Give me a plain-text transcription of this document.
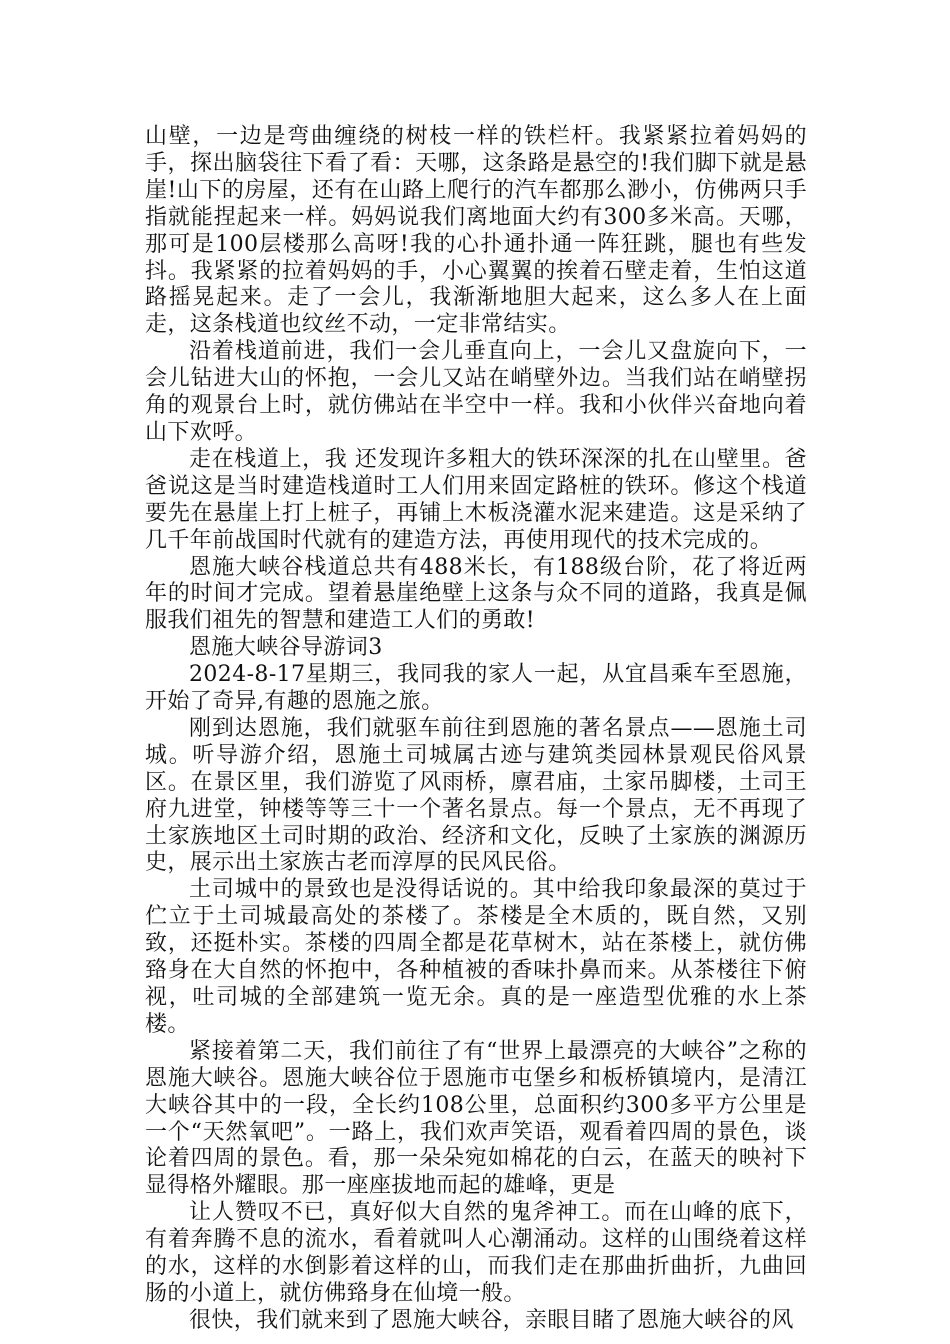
山壁，一边是弯曲缠绕的树枝一样的铁栏杆。我紧紧拉着妈妈的手，探出脑袋往下看了看：天哪，这条路是悬空的!我们脚下就是悬崖!山下的房屋，还有在山路上爬行的汽车都那么渺小，仿佛两只手指就能捏起来一样。妈妈说我们离地面大约有300多米高。天哪，那可是100层楼那么高呀!我的心扑通扑通一阵狂跳，腿也有些发抖。我紧紧的拉着妈妈的手，小心翼翼的挨着石壁走着，生怕这道路摇晃起来。走了一会儿，我渐渐地胆大起来，这么多人在上面走，这条栈道也纹丝不动，一定非常结实。

沿着栈道前进，我们一会儿垂直向上，一会儿又盘旋向下，一会儿钻进大山的怀抱，一会儿又站在峭壁外边。当我们站在峭壁拐角的观景台上时，就仿佛站在半空中一样。我和小伙伴兴奋地向着山下欢呼。

走在栈道上，我 还发现许多粗大的铁环深深的扎在山壁里。爸爸说这是当时建造栈道时工人们用来固定路桩的铁环。修这个栈道要先在悬崖上打上桩子，再铺上木板浇灌水泥来建造。这是采纳了几千年前战国时代就有的建造方法，再使用现代的技术完成的。

恩施大峡谷栈道总共有488米长，有188级台阶，花了将近两年的时间才完成。望着悬崖绝壁上这条与众不同的道路，我真是佩服我们祖先的智慧和建造工人们的勇敢!

恩施大峡谷导游词3

2024-8-17星期三，我同我的家人一起，从宜昌乘车至恩施，开始了奇异,有趣的恩施之旅。

刚到达恩施，我们就驱车前往到恩施的著名景点——恩施土司城。听导游介绍，恩施土司城属古迹与建筑类园林景观民俗风景区。在景区里，我们游览了风雨桥，廪君庙，土家吊脚楼，土司王府九进堂，钟楼等等三十一个著名景点。每一个景点，无不再现了土家族地区土司时期的政治、经济和文化，反映了土家族的渊源历史，展示出土家族古老而淳厚的民风民俗。

土司城中的景致也是没得话说的。其中给我印象最深的莫过于伫立于土司城最高处的茶楼了。茶楼是全木质的，既自然，又别致，还挺朴实。茶楼的四周全都是花草树木，站在茶楼上，就仿佛臵身在大自然的怀抱中，各种植被的香味扑鼻而来。从茶楼往下俯视，吐司城的全部建筑一览无余。真的是一座造型优雅的水上茶楼。

紧接着第二天，我们前往了有“世界上最漂亮的大峡谷”之称的恩施大峡谷。恩施大峡谷位于恩施市屯堡乡和板桥镇境内，是清江大峡谷其中的一段，全长约108公里，总面积约300多平方公里是一个“天然氧吧”。一路上，我们欢声笑语，观看着四周的景色，谈论着四周的景色。看，那一朵朵宛如棉花的白云，在蓝天的映衬下显得格外耀眼。那一座座拔地而起的雄峰，更是

让人赞叹不已，真好似大自然的鬼斧神工。而在山峰的底下，有着奔腾不息的流水，看着就叫人心潮涌动。这样的山围绕着这样的水，这样的水倒影着这样的山，而我们走在那曲折曲折，九曲回肠的小道上，就仿佛臵身在仙境一般。

很快，我们就来到了恩施大峡谷，亲眼目睹了恩施大峡谷的风
